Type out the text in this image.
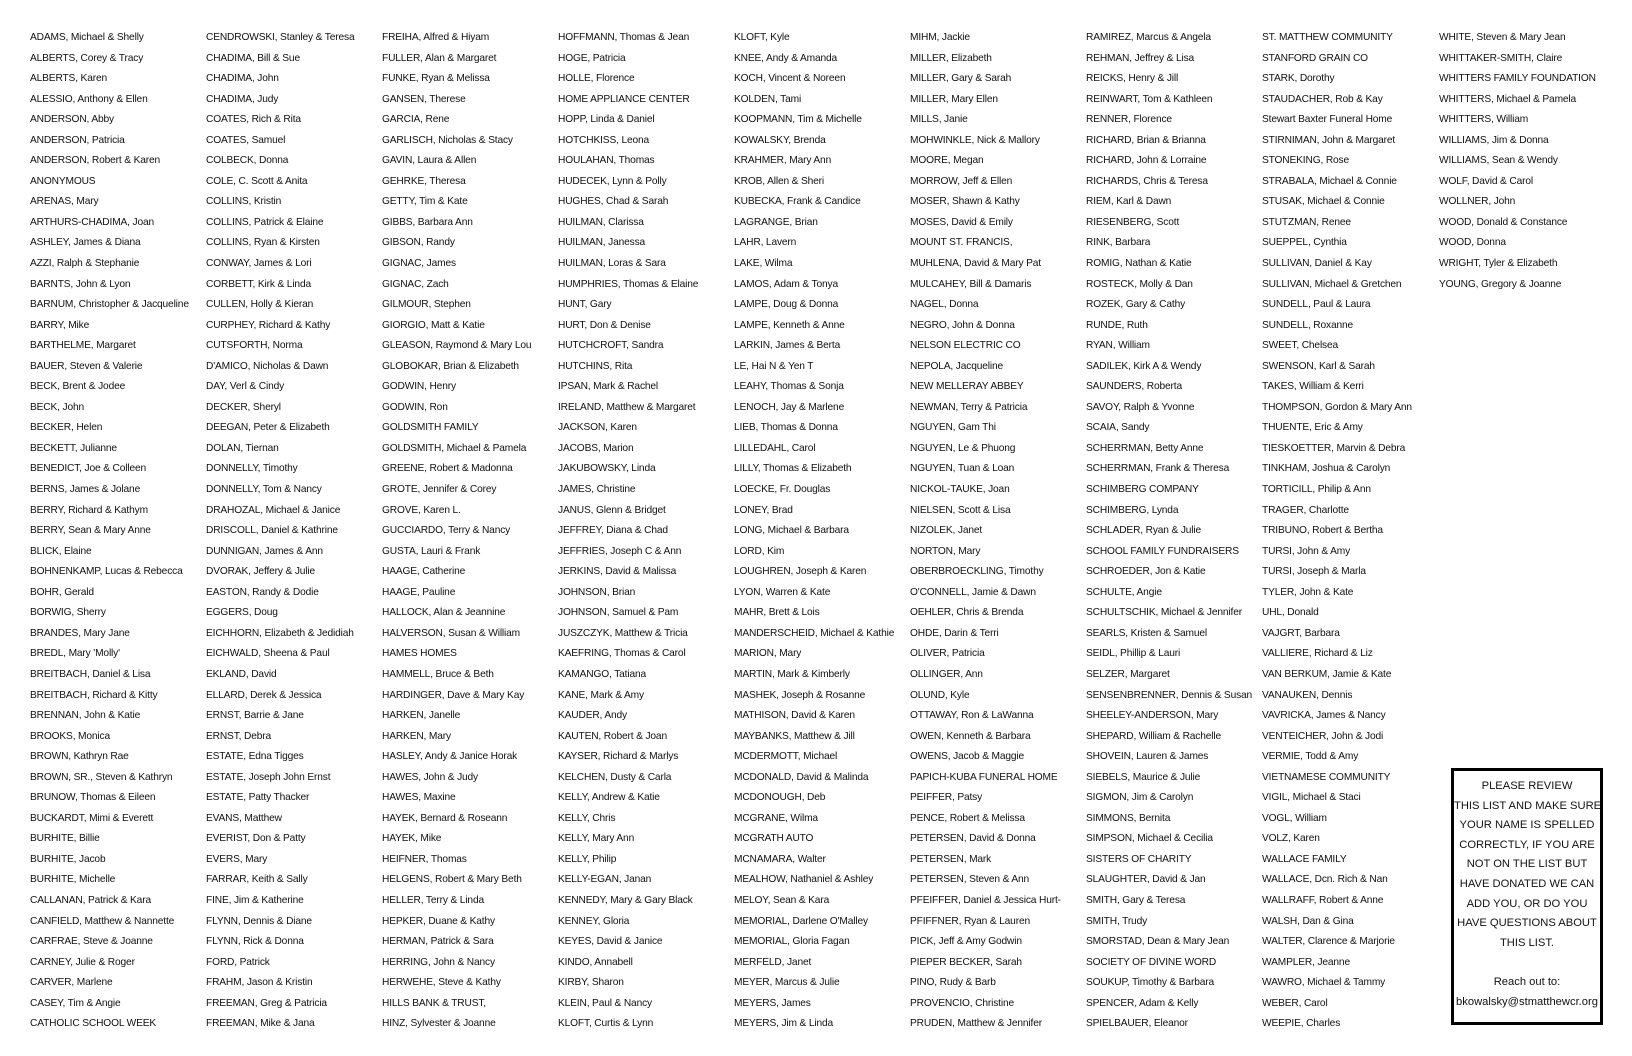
ADAMS, Michael & Shelly
ALBERTS, Corey & Tracy
ALBERTS, Karen
ALESSIO, Anthony & Ellen
ANDERSON, Abby
ANDERSON, Patricia
ANDERSON, Robert & Karen
ANONYMOUS
ARENAS, Mary
ARTHURS-CHADIMA, Joan
ASHLEY, James & Diana
AZZI, Ralph & Stephanie
BARNTS, John & Lyon
BARNUM, Christopher & Jacqueline
BARRY, Mike
BARTHELME, Margaret
BAUER, Steven & Valerie
BECK, Brent & Jodee
BECK, John
BECKER, Helen
BECKETT, Julianne
BENEDICT, Joe & Colleen
BERNS, James & Jolane
BERRY, Richard & Kathym
BERRY, Sean & Mary Anne
BLICK, Elaine
BOHNENKAMP, Lucas & Rebecca
BOHR, Gerald
BORWIG, Sherry
BRANDES, Mary Jane
BREDL, Mary 'Molly'
BREITBACH, Daniel & Lisa
BREITBACH, Richard & Kitty
BRENNAN, John & Katie
BROOKS, Monica
BROWN, Kathryn Rae
BROWN, SR., Steven & Kathryn
BRUNOW, Thomas & Eileen
BUCKARDT, Mimi & Everett
BURHITE, Billie
BURHITE, Jacob
BURHITE, Michelle
CALLANAN, Patrick & Kara
CANFIELD, Matthew & Nannette
CARFRAE, Steve & Joanne
CARNEY, Julie & Roger
CARVER, Marlene
CASEY, Tim & Angie
CATHOLIC SCHOOL WEEK
CENDROWSKI, Stanley & Teresa
CHADIMA, Bill & Sue
CHADIMA, John
CHADIMA, Judy
COATES, Rich & Rita
COATES, Samuel
COLBECK, Donna
COLE, C. Scott & Anita
COLLINS, Kristin
COLLINS, Patrick & Elaine
COLLINS, Ryan & Kirsten
CONWAY, James & Lori
CORBETT, Kirk & Linda
CULLEN, Holly & Kieran
CURPHEY, Richard & Kathy
CUTSFORTH, Norma
D'AMICO, Nicholas & Dawn
DAY, Verl & Cindy
DECKER, Sheryl
DEEGAN, Peter & Elizabeth
DOLAN, Tiernan
DONNELLY, Timothy
DONNELLY, Tom & Nancy
DRAHOZAL, Michael & Janice
DRISCOLL, Daniel & Kathrine
DUNNIGAN, James & Ann
DVORAK, Jeffery & Julie
EASTON, Randy & Dodie
EGGERS, Doug
EICHHORN, Elizabeth & Jedidiah
EICHWALD, Sheena & Paul
EKLAND, David
ELLARD, Derek & Jessica
ERNST, Barrie & Jane
ERNST, Debra
ESTATE, Edna Tigges
ESTATE, Joseph John Ernst
ESTATE, Patty Thacker
EVANS, Matthew
EVERIST, Don & Patty
EVERS, Mary
FARRAR, Keith & Sally
FINE, Jim & Katherine
FLYNN, Dennis & Diane
FLYNN, Rick & Donna
FORD, Patrick
FRAHM, Jason & Kristin
FREEMAN, Greg & Patricia
FREEMAN, Mike & Jana
FREIHA, Alfred & Hiyam
FULLER, Alan & Margaret
FUNKE, Ryan & Melissa
GANSEN, Therese
GARCIA, Rene
GARLISCH, Nicholas & Stacy
GAVIN, Laura & Allen
GEHRKE, Theresa
GETTY, Tim & Kate
GIBBS, Barbara Ann
GIBSON, Randy
GIGNAC, James
GIGNAC, Zach
GILMOUR, Stephen
GIORGIO, Matt & Katie
GLEASON, Raymond & Mary Lou
GLOBOKAR, Brian & Elizabeth
GODWIN, Henry
GODWIN, Ron
GOLDSMITH FAMILY
GOLDSMITH, Michael & Pamela
GREENE, Robert & Madonna
GROTE, Jennifer & Corey
GROVE, Karen L.
GUCCIARDO, Terry & Nancy
GUSTA, Lauri & Frank
HAAGE, Catherine
HAAGE, Pauline
HALLOCK, Alan & Jeannine
HALVERSON, Susan & William
HAMES HOMES
HAMMELL, Bruce & Beth
HARDINGER, Dave & Mary Kay
HARKEN, Janelle
HARKEN, Mary
HASLEY, Andy & Janice Horak
HAWES, John & Judy
HAWES, Maxine
HAYEK, Bernard & Roseann
HAYEK, Mike
HEIFNER, Thomas
HELGENS, Robert & Mary Beth
HELLER, Terry & Linda
HEPKER, Duane & Kathy
HERMAN, Patrick & Sara
HERRING, John & Nancy
HERWEHE, Steve & Kathy
HILLS BANK & TRUST,
HINZ, Sylvester & Joanne
HOFFMANN, Thomas & Jean
HOGE, Patricia
HOLLE, Florence
HOME APPLIANCE CENTER
HOPP, Linda & Daniel
HOTCHKISS, Leona
HOULAHAN, Thomas
HUDECEK, Lynn & Polly
HUGHES, Chad & Sarah
HUILMAN, Clarissa
HUILMAN, Janessa
HUILMAN, Loras & Sara
HUMPHRIES, Thomas & Elaine
HUNT, Gary
HURT, Don & Denise
HUTCHCROFT, Sandra
HUTCHINS, Rita
IPSAN, Mark & Rachel
IRELAND, Matthew & Margaret
JACKSON, Karen
JACOBS, Marion
JAKUBOWSKY, Linda
JAMES, Christine
JANUS, Glenn & Bridget
JEFFREY, Diana & Chad
JEFFRIES, Joseph C & Ann
JERKINS, David & Malissa
JOHNSON, Brian
JOHNSON, Samuel & Pam
JUSZCZYK, Matthew & Tricia
KAEFRING, Thomas & Carol
KAMANGO, Tatiana
KANE, Mark & Amy
KAUDER, Andy
KAUTEN, Robert & Joan
KAYSER, Richard & Marlys
KELCHEN, Dusty & Carla
KELLY, Andrew & Katie
KELLY, Chris
KELLY, Mary Ann
KELLY, Philip
KELLY-EGAN, Janan
KENNEDY, Mary & Gary Black
KENNEY, Gloria
KEYES, David & Janice
KINDO, Annabell
KIRBY, Sharon
KLEIN, Paul & Nancy
KLOFT, Curtis & Lynn
KLOFT, Kyle
KNEE, Andy & Amanda
KOCH, Vincent & Noreen
KOLDEN, Tami
KOOPMANN, Tim & Michelle
KOWALSKY, Brenda
KRAHMER, Mary Ann
KROB, Allen & Sheri
KUBECKA, Frank & Candice
LAGRANGE, Brian
LAHR, Lavern
LAKE, Wilma
LAMOS, Adam & Tonya
LAMPE, Doug & Donna
LAMPE, Kenneth & Anne
LARKIN, James & Berta
LE, Hai N & Yen T
LEAHY, Thomas & Sonja
LENOCH, Jay & Marlene
LIEB, Thomas & Donna
LILLEDAHL, Carol
LILLY, Thomas & Elizabeth
LOECKE, Fr. Douglas
LONEY, Brad
LONG, Michael & Barbara
LORD, Kim
LOUGHREN, Joseph & Karen
LYON, Warren & Kate
MAHR, Brett & Lois
MANDERSCHEID, Michael & Kathie
MARION, Mary
MARTIN, Mark & Kimberly
MASHEK, Joseph & Rosanne
MATHISON, David & Karen
MAYBANKS, Matthew & Jill
MCDERMOTT, Michael
MCDONALD, David & Malinda
MCDONOUGH, Deb
MCGRANE, Wilma
MCGRATH AUTO
MCNAMARA, Walter
MEALHOW, Nathaniel & Ashley
MELOY, Sean & Kara
MEMORIAL, Darlene O'Malley
MEMORIAL, Gloria Fagan
MERFELD, Janet
MEYER, Marcus & Julie
MEYERS, James
MEYERS, Jim & Linda
MIHM, Jackie
MILLER, Elizabeth
MILLER, Gary & Sarah
MILLER, Mary Ellen
MILLS, Janie
MOHWINKLE, Nick & Mallory
MOORE, Megan
MORROW, Jeff & Ellen
MOSER, Shawn & Kathy
MOSES, David & Emily
MOUNT ST. FRANCIS,
MUHLENA, David & Mary Pat
MULCAHEY, Bill & Damaris
NAGEL, Donna
NEGRO, John & Donna
NELSON ELECTRIC CO
NEPOLA, Jacqueline
NEW MELLERAY ABBEY
NEWMAN, Terry & Patricia
NGUYEN, Gam Thi
NGUYEN, Le & Phuong
NGUYEN, Tuan & Loan
NICKOL-TAUKE, Joan
NIELSEN, Scott & Lisa
NIZOLEK, Janet
NORTON, Mary
OBERBROECKLING, Timothy
O'CONNELL, Jamie & Dawn
OEHLER, Chris & Brenda
OHDE, Darin & Terri
OLIVER, Patricia
OLLINGER, Ann
OLUND, Kyle
OTTAWAY, Ron & LaWanna
OWEN, Kenneth & Barbara
OWENS, Jacob & Maggie
PAPICH-KUBA FUNERAL HOME
PEIFFER, Patsy
PENCE, Robert & Melissa
PETERSEN, David & Donna
PETERSEN, Mark
PETERSEN, Steven & Ann
PFEIFFER, Daniel & Jessica Hurt-
PFIFFNER, Ryan & Lauren
PICK, Jeff & Amy Godwin
PIEPER BECKER, Sarah
PINO, Rudy & Barb
PROVENCIO, Christine
PRUDEN, Matthew & Jennifer
RAMIREZ, Marcus & Angela
REHMAN, Jeffrey & Lisa
REICKS, Henry & Jill
REINWART, Tom & Kathleen
RENNER, Florence
RICHARD, Brian & Brianna
RICHARD, John & Lorraine
RICHARDS, Chris & Teresa
RIEM, Karl & Dawn
RIESENBERG, Scott
RINK, Barbara
ROMIG, Nathan & Katie
ROSTECK, Molly & Dan
ROZEK, Gary & Cathy
RUNDE, Ruth
RYAN, William
SADILEK, Kirk A & Wendy
SAUNDERS, Roberta
SAVOY, Ralph & Yvonne
SCAIA, Sandy
SCHERRMAN, Betty Anne
SCHERRMAN, Frank & Theresa
SCHIMBERG COMPANY
SCHIMBERG, Lynda
SCHLADER, Ryan & Julie
SCHOOL FAMILY FUNDRAISERS
SCHROEDER, Jon & Katie
SCHULTE, Angie
SCHULTSCHIK, Michael & Jennifer
SEARLS, Kristen & Samuel
SEIDL, Phillip & Lauri
SELZER, Margaret
SENSENBRENNER, Dennis & Susan
SHEELEY-ANDERSON, Mary
SHEPARD, William & Rachelle
SHOVEIN, Lauren & James
SIEBELS, Maurice & Julie
SIGMON, Jim & Carolyn
SIMMONS, Bernita
SIMPSON, Michael & Cecilia
SISTERS OF CHARITY
SLAUGHTER, David & Jan
SMITH, Gary & Teresa
SMITH, Trudy
SMORSTAD, Dean & Mary Jean
SOCIETY OF DIVINE WORD
SOUKUP, Timothy & Barbara
SPENCER, Adam & Kelly
SPIELBAUER, Eleanor
ST. MATTHEW COMMUNITY
STANFORD GRAIN CO
STARK, Dorothy
STAUDACHER, Rob & Kay
Stewart Baxter Funeral Home
STIRNIMAN, John & Margaret
STONEKING, Rose
STRABALA, Michael & Connie
STUSAK, Michael & Connie
STUTZMAN, Renee
SUEPPEL, Cynthia
SULLIVAN, Daniel & Kay
SULLIVAN, Michael & Gretchen
SUNDELL, Paul & Laura
SUNDELL, Roxanne
SWEET, Chelsea
SWENSON, Karl & Sarah
TAKES, William & Kerri
THOMPSON, Gordon & Mary Ann
THUENTE, Eric & Amy
TIESKOETTER, Marvin & Debra
TINKHAM, Joshua & Carolyn
TORTICILL, Philip & Ann
TRAGER, Charlotte
TRIBUNO, Robert & Bertha
TURSI, John & Amy
TURSI, Joseph & Marla
TYLER, John & Kate
UHL, Donald
VAJGRT, Barbara
VALLIERE, Richard & Liz
VAN BERKUM, Jamie & Kate
VANAUKEN, Dennis
VAVRICKA, James & Nancy
VENTEICHER, John & Jodi
VERMIE, Todd & Amy
VIETNAMESE COMMUNITY
VIGIL, Michael & Staci
VOGL, William
VOLZ, Karen
WALLACE FAMILY
WALLACE, Dcn. Rich & Nan
WALLRAFF, Robert & Anne
WALSH, Dan & Gina
WALTER, Clarence & Marjorie
WAMPLER, Jeanne
WAWRO, Michael & Tammy
WEBER, Carol
WEEPIE, Charles
WHITE, Steven & Mary Jean
WHITTAKER-SMITH, Claire
WHITTERS FAMILY FOUNDATION
WHITTERS, Michael & Pamela
WHITTERS, William
WILLIAMS, Jim & Donna
WILLIAMS, Sean & Wendy
WOLF, David & Carol
WOLLNER, John
WOOD, Donald & Constance
WOOD, Donna
WRIGHT, Tyler & Elizabeth
YOUNG, Gregory & Joanne
PLEASE REVIEW
THIS LIST AND MAKE SURE
YOUR NAME IS SPELLED
CORRECTLY, IF YOU ARE
NOT ON THE LIST BUT
HAVE DONATED WE CAN
ADD YOU, OR DO YOU
HAVE QUESTIONS ABOUT
THIS LIST.
Reach out to:
bkowalsky@stmatthewcr.org
